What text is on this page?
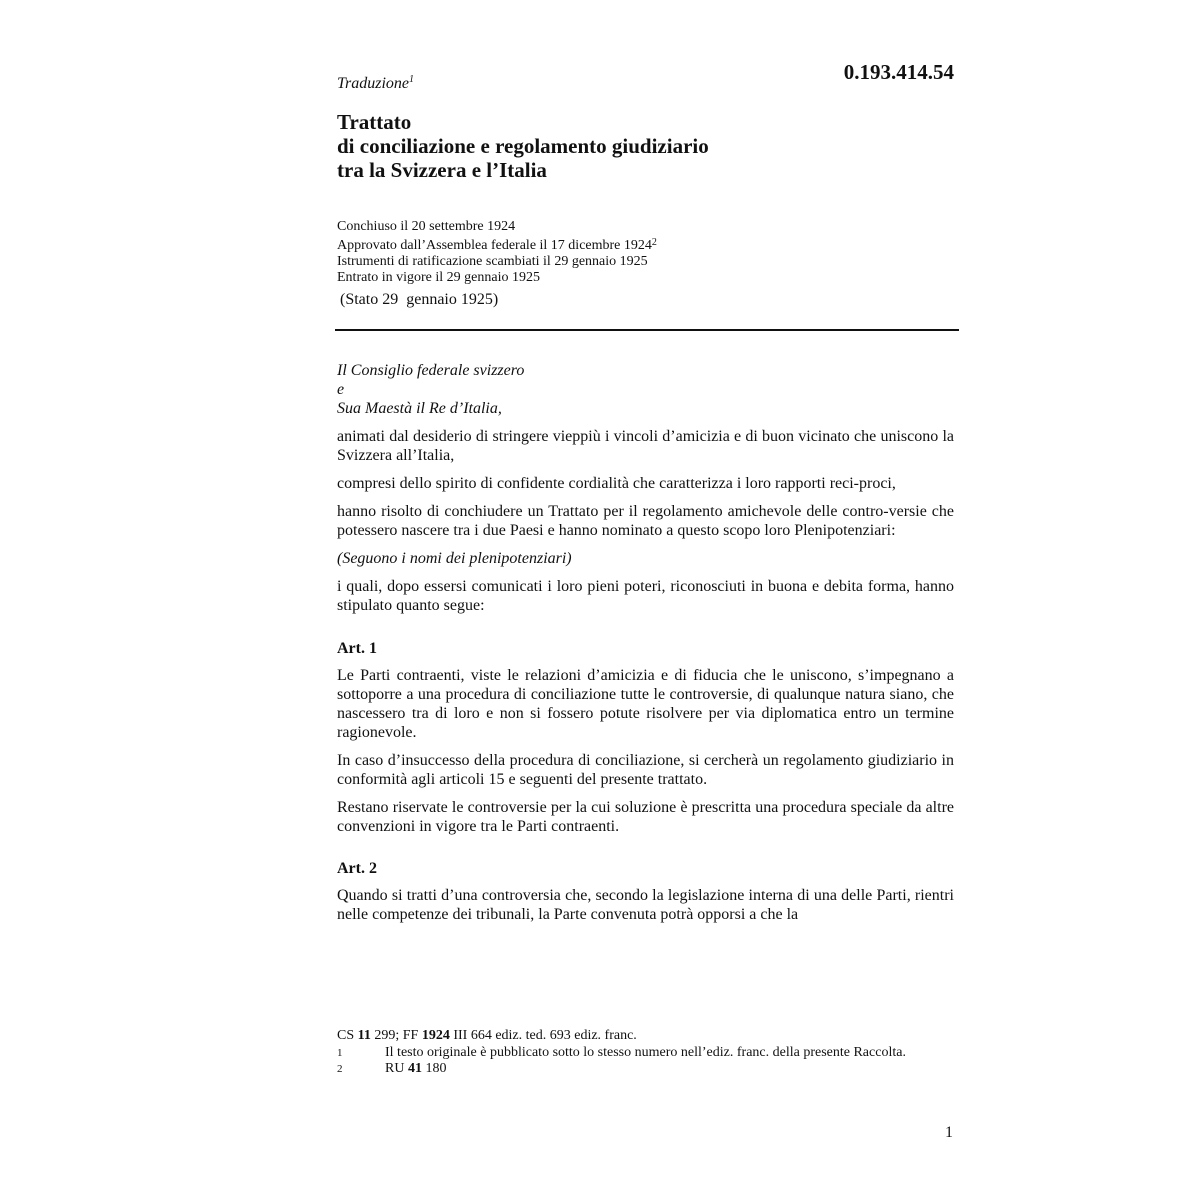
Traduzione$^1$	0.193.414.54
Trattato
di conciliazione e regolamento giudiziario
tra la Svizzera e l’Italia
Conchiuso il 20 settembre 1924
Approvato dall’Assemblea federale il 17 dicembre 1924$^2$
Istrumenti di ratificazione scambiati il 29 gennaio 1925
Entrato in vigore il 29 gennaio 1925
(Stato 29  gennaio 1925)
Il Consiglio federale svizzero
e
Sua Maestà il Re d’Italia,

animati dal desiderio di stringere vieppiù i vincoli d’amicizia e di buon vicinato che uniscono la Svizzera all’Italia,

compresi dello spirito di confidente cordialità che caratterizza i loro rapporti reci-proci,

hanno risolto di conchiudere un Trattato per il regolamento amichevole delle contro-versie che potessero nascere tra i due Paesi e hanno nominato a questo scopo loro Plenipotenziari:

(Seguono i nomi dei plenipotenziari)

i quali, dopo essersi comunicati i loro pieni poteri, riconosciuti in buona e debita forma, hanno stipulato quanto segue:

Art. 1

Le Parti contraenti, viste le relazioni d’amicizia e di fiducia che le uniscono, s’impegnano a sottoporre a una procedura di conciliazione tutte le controversie, di qualunque natura siano, che nascessero tra di loro e non si fossero potute risolvere per via diplomatica entro un termine ragionevole.

In caso d’insuccesso della procedura di conciliazione, si cercherà un regolamento giudiziario in conformità agli articoli 15 e seguenti del presente trattato.

Restano riservate le controversie per la cui soluzione è prescritta una procedura speciale da altre convenzioni in vigore tra le Parti contraenti.

Art. 2

Quando si tratti d’una controversia che, secondo la legislazione interna di una delle Parti, rientri nelle competenze dei tribunali, la Parte convenuta potrà opporsi a che la

CS 11 299; FF 1924 III 664 ediz. ted. 693 ediz. franc.
1	Il testo originale è pubblicato sotto lo stesso numero nell’ediz. franc. della presente Raccolta.
2	RU 41 180
1
